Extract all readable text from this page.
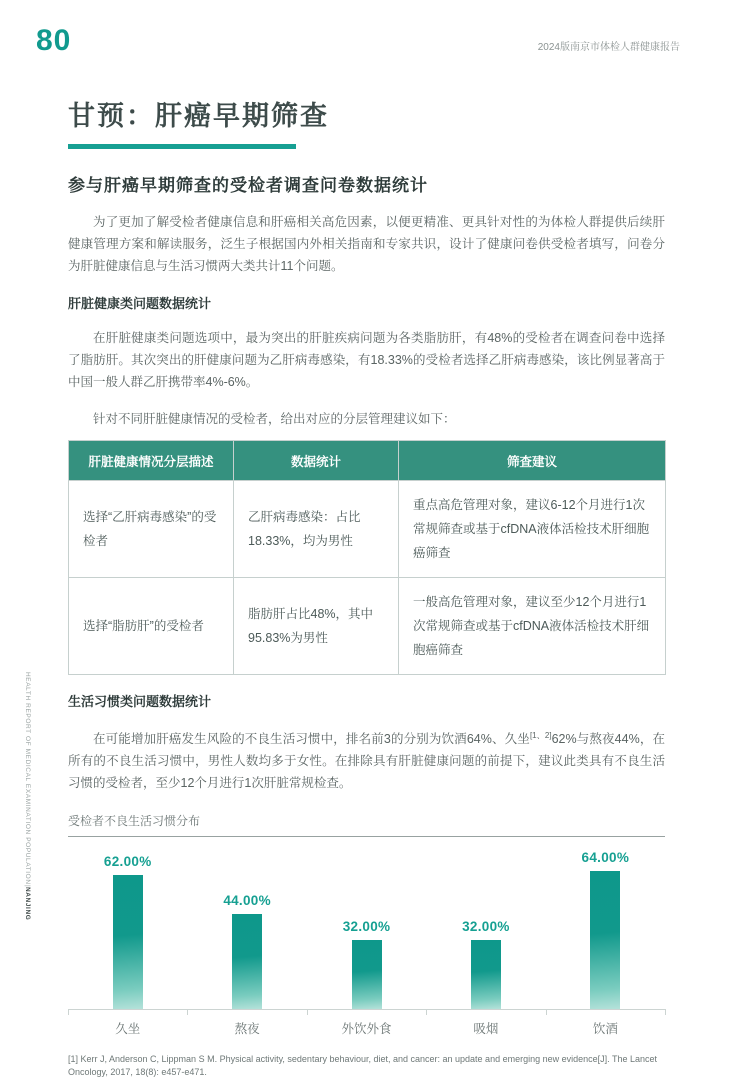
80	2024版南京市体检人群健康报告
甘预：肝癌早期筛查
参与肝癌早期筛查的受检者调查问卷数据统计

为了更加了解受检者健康信息和肝癌相关高危因素，以便更精准、更具针对性的为体检人群提供后续肝健康管理方案和解读服务，泛生子根据国内外相关指南和专家共识，设计了健康问卷供受检者填写，问卷分为肝脏健康信息与生活习惯两大类共计11个问题。

肝脏健康类问题数据统计

在肝脏健康类问题选项中，最为突出的肝脏疾病问题为各类脂肪肝，有48%的受检者在调查问卷中选择了脂肪肝。其次突出的肝健康问题为乙肝病毒感染，有18.33%的受检者选择乙肝病毒感染，该比例显著高于中国一般人群乙肝携带率4%-6%。

针对不同肝脏健康情况的受检者，给出对应的分层管理建议如下：

肝脏健康情况分层描述	数据统计	筛查建议
选择“乙肝病毒感染”的受检者	乙肝病毒感染：占比18.33%，均为男性	重点高危管理对象，建议6-12个月进行1次常规筛查或基于cfDNA液体活检技术肝细胞癌筛查
选择“脂肪肝”的受检者	脂肪肝占比48%，其中95.83%为男性	一般高危管理对象，建议至少12个月进行1次常规筛查或基于cfDNA液体活检技术肝细胞癌筛查
生活习惯类问题数据统计

在可能增加肝癌发生风险的不良生活习惯中，排名前3的分别为饮酒64%、久坐[1、2]62%与熬夜44%，在所有的不良生活习惯中，男性人数均多于女性。在排除具有肝脏健康问题的前提下，建议此类具有不良生活习惯的受检者，至少12个月进行1次肝脏常规检查。

受检者不良生活习惯分布
62.00%
44.00%
32.00%	32.00%
64.00%
久坐	熬夜	外饮外食	吸烟	饮酒
[1] Kerr J, Anderson C, Lippman S M. Physical activity, sedentary behaviour, diet, and cancer: an update and emerging new evidence[J]. The Lancet Oncology, 2017, 18(8): e457-e471.
HEALTH REPORT OF MEDICAL EXAMINATION POPULATION|NANJING
